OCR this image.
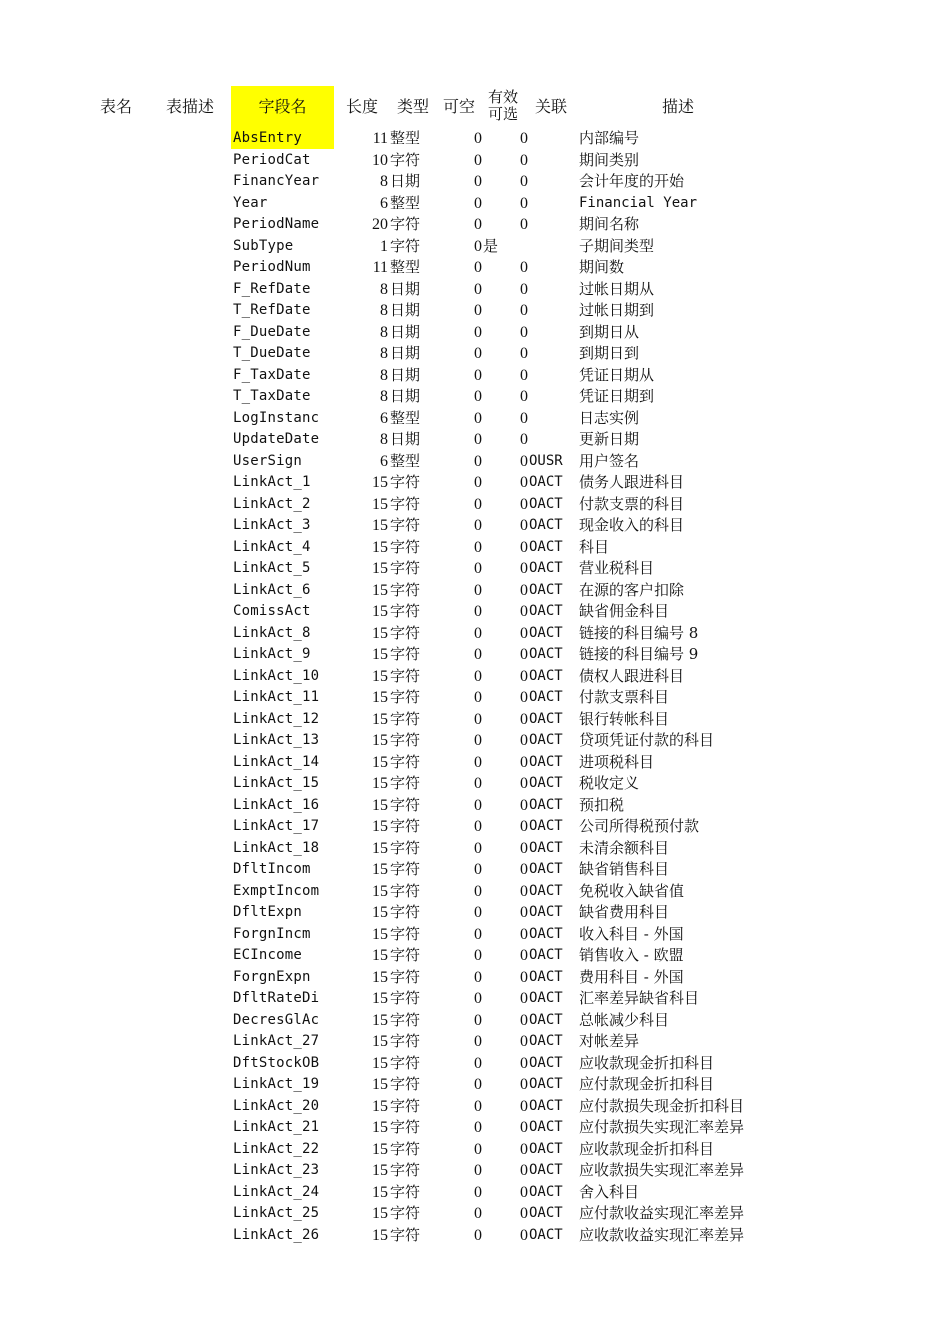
表名 表描述	字段名	长度 类型 可空 有效
可选 关联	描述
AbsEntry	11 整型	0	0	内部编号
PeriodCat	10 字符	0	0	期间类别
FinancYear	8 日期	0	0	会计年度的开始
Year	6 整型	0	0	Financial Year
PeriodName	20 字符	0	0	期间名称
SubType	1 字符	0 是	子期间类型
PeriodNum	11 整型	0	0	期间数
F_RefDate	8 日期	0	0	过帐日期从
T_RefDate	8 日期	0	0	过帐日期到
F_DueDate	8 日期	0	0	到期日从
T_DueDate	8 日期	0	0	到期日到
F_TaxDate	8 日期	0	0	凭证日期从
T_TaxDate	8 日期	0	0	凭证日期到
LogInstanc	6 整型	0	0	日志实例
UpdateDate	8 日期	0	0	更新日期
UserSign	6 整型	0	0 OUSR 用户签名
LinkAct_1	15 字符	0	0 OACT 债务人跟进科目
LinkAct_2	15 字符	0	0 OACT 付款支票的科目
LinkAct_3	15 字符	0	0 OACT 现金收入的科目
LinkAct_4	15 字符	0	0 OACT 科目
LinkAct_5	15 字符	0	0 OACT 营业税科目
LinkAct_6	15 字符	0	0 OACT 在源的客户扣除
ComissAct	15 字符	0	0 OACT 缺省佣金科目
LinkAct_8	15 字符	0	0 OACT 链接的科目编号 8
LinkAct_9	15 字符	0	0 OACT 链接的科目编号 9
LinkAct_10	15 字符	0	0 OACT 债权人跟进科目
LinkAct_11	15 字符	0	0 OACT 付款支票科目
LinkAct_12	15 字符	0	0 OACT 银行转帐科目
LinkAct_13	15 字符	0	0 OACT 贷项凭证付款的科目
LinkAct_14	15 字符	0	0 OACT 进项税科目
LinkAct_15	15 字符	0	0 OACT 税收定义
LinkAct_16	15 字符	0	0 OACT 预扣税
LinkAct_17	15 字符	0	0 OACT 公司所得税预付款
LinkAct_18	15 字符	0	0 OACT 未清余额科目
DfltIncom	15 字符	0	0 OACT 缺省销售科目
ExmptIncom	15 字符	0	0 OACT 免税收入缺省值
DfltExpn	15 字符	0	0 OACT 缺省费用科目
ForgnIncm	15 字符	0	0 OACT 收入科目 - 外国
ECIncome	15 字符	0	0 OACT 销售收入 - 欧盟
ForgnExpn	15 字符	0	0 OACT 费用科目 - 外国
DfltRateDi	15 字符	0	0 OACT 汇率差异缺省科目
DecresGlAc	15 字符	0	0 OACT 总帐减少科目
LinkAct_27	15 字符	0	0 OACT 对帐差异
DftStockOB	15 字符	0	0 OACT 应收款现金折扣科目
LinkAct_19	15 字符	0	0 OACT 应付款现金折扣科目
LinkAct_20	15 字符	0	0 OACT 应付款损失现金折扣科目
LinkAct_21	15 字符	0	0 OACT 应付款损失实现汇率差异
LinkAct_22	15 字符	0	0 OACT 应收款现金折扣科目
LinkAct_23	15 字符	0	0 OACT 应收款损失实现汇率差异
LinkAct_24	15 字符	0	0 OACT 舍入科目
LinkAct_25	15 字符	0	0 OACT 应付款收益实现汇率差异
LinkAct_26	15 字符	0	0 OACT 应收款收益实现汇率差异
